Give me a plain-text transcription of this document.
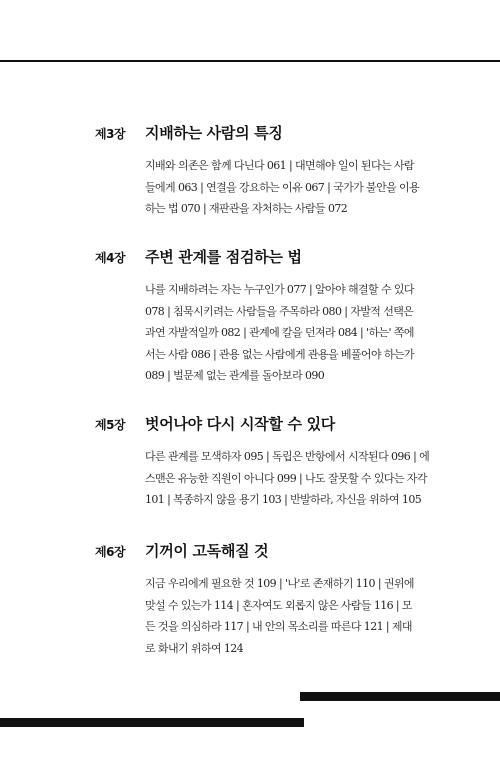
제3장 지배하는 사람의 특징
지배와 의존은 함께 다닌다 061 | 대면해야 일이 된다는 사람
들에게 063 | 연결을 강요하는 이유 067 | 국가가 불안을 이용
하는 법 070 | 재판관을 자처하는 사람들 072
제4장 주변 관계를 점검하는 법
나를 지배하려는 자는 누구인가 077 | 알아야 해결할 수 있다
078 | 침묵시키려는 사람들을 주목하라 080 | 자발적 선택은
과연 자발적일까 082 | 관계에 칼을 던져라 084 | '하는' 쪽에
서는 사람 086 | 관용 없는 사람에게 관용을 베풀어야 하는가
089 | 벌문제 없는 관계를 돌아보라 090
제5장 벗어나야 다시 시작할 수 있다
다른 관계를 모색하자 095 | 독립은 반항에서 시작된다 096 | 에
스맨은 유능한 직원이 아니다 099 | 나도 잘못할 수 있다는 자각
101 | 복종하지 않을 용기 103 | 반발하라, 자신을 위하여 105
제6장 기꺼이 고독해질 것
지금 우리에게 필요한 것 109 | '나'로 존재하기 110 | 권위에
맞설 수 있는가 114 | 혼자여도 외롭지 않은 사람들 116 | 모
든 것을 의심하라 117 | 내 안의 목소리를 따른다 121 | 제대
로 화내기 위하여 124
